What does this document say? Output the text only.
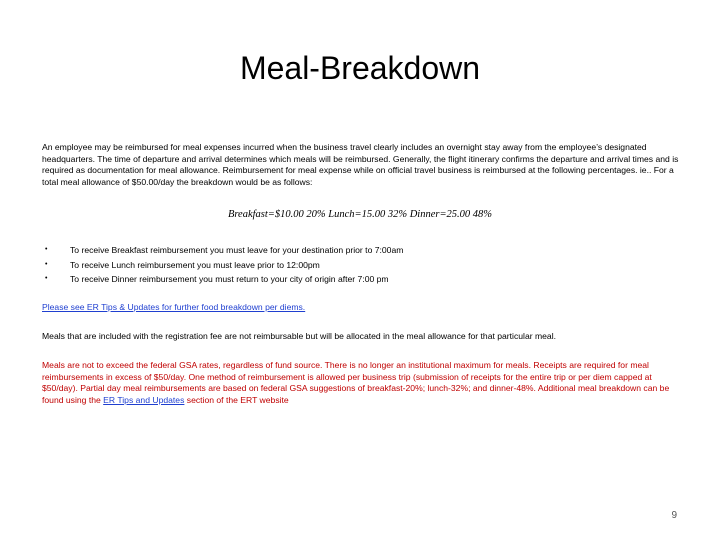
Meal-Breakdown
An employee may be reimbursed for meal expenses incurred when the business travel clearly includes an overnight stay away from the employee’s designated headquarters. The time of departure and arrival determines which meals will be reimbursed. Generally, the flight itinerary confirms the departure and arrival times and is required as documentation for meal allowance. Reimbursement for meal expense while on official travel business is reimbursed at the following percentages. ie.. For a total meal allowance of $50.00/day the breakdown would be as follows:
Breakfast=$10.00 20% Lunch=15.00 32% Dinner=25.00 48%
•	To receive Breakfast reimbursement you must leave for your destination prior to 7:00am
•	To receive Lunch reimbursement you must leave prior to 12:00pm
•	To receive Dinner reimbursement you must return to your city of origin after 7:00 pm
Please see ER Tips & Updates for further food breakdown per diems.
Meals that are included with the registration fee are not reimbursable but will be allocated in the meal allowance for that particular meal.
Meals are not to exceed the federal GSA rates, regardless of fund source. There is no longer an institutional maximum for meals. Receipts are required for meal reimbursements in excess of $50/day. One method of reimbursement is allowed per business trip (submission of receipts for the entire trip or per diem capped at $50/day). Partial day meal reimbursements are based on federal GSA suggestions of breakfast-20%; lunch-32%; and dinner-48%. Additional meal breakdown can be found using the ER Tips and Updates section of the ERT website
9
